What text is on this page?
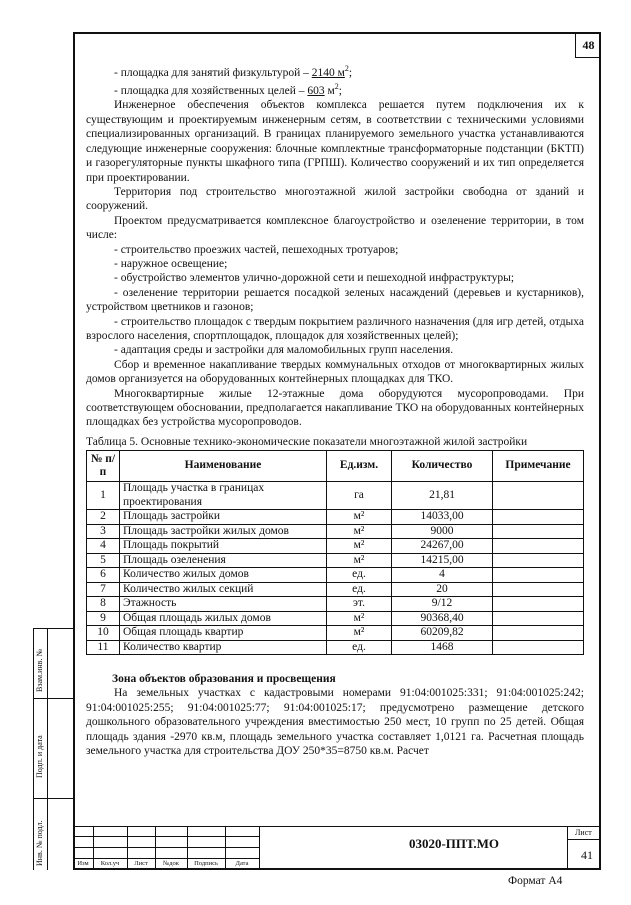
Взам.инв. №
Подп. и дата
Инв. № подл.
48

- площадка для занятий физкультурой – 2140 $м^2$;

- площадка для хозяйственных целей – 603 $м^2$;

Инженерное обеспечения объектов комплекса решается путем подключения их к существующим и проектируемым инженерным сетям, в соответствии с техническими условиями специализированных организаций. В границах планируемого земельного участка устанавливаются следующие инженерные сооружения: блочные комплектные трансформаторные подстанции (БКТП) и газорегуляторные пункты шкафного типа (ГРПШ). Количество сооружений и их тип определяется при проектировании.

Территория под строительство многоэтажной жилой застройки свободна от зданий и сооружений.

Проектом предусматривается комплексное благоустройство и озеленение территории, в том числе:

- строительство проезжих частей, пешеходных тротуаров;

- наружное освещение;

- обустройство элементов улично-дорожной сети и пешеходной инфраструктуры;

- озеленение территории решается посадкой зеленых насаждений (деревьев и кустарников), устройством цветников и газонов;

- строительство площадок с твердым покрытием различного назначения (для игр детей, отдыха взрослого населения, спортплощадок, площадок для хозяйственных целей);

- адаптация среды и застройки для маломобильных групп населения.

Сбор и временное накапливание твердых коммунальных отходов от многоквартирных жилых домов организуется на оборудованных контейнерных площадках для ТКО.

Многоквартирные жилые 12-этажные дома оборудуются мусоропроводами. При соответствующем обосновании, предполагается накапливание ТКО на оборудованных контейнерных площадках без устройства мусоропроводов.

Таблица 5. Основные технико-экономические показатели многоэтажной жилой застройки
№ п/п	Наименование	Ед.изм.	Количество	Примечание
1	Площадь участка в границах проектирования	га	21,81	
2	Площадь застройки	м²	14033,00	
3	Площадь застройки жилых домов	м²	9000	
4	Площадь покрытий	м²	24267,00	
5	Площадь озеленения	м²	14215,00	
6	Количество жилых домов	ед.	4	
7	Количество жилых секций	ед.	20	
8	Этажность	эт.	9/12	
9	Общая площадь жилых домов	м²	90368,40	
10	Общая площадь квартир	м²	60209,82	
11	Количество квартир	ед.	1468	

Зона объектов образования и просвещения

На земельных участках с кадастровыми номерами 91:04:001025:331; 91:04:001025:242; 91:04:001025:255; 91:04:001025:77; 91:04:001025:17; предусмотрено размещение детского дошкольного образовательного учреждения вместимостью 250 мест, 10 групп по 25 детей. Общая площадь здания -2970 кв.м, площадь земельного участка составляет 1,0121 га. Расчетная площадь земельного участка для строительства ДОУ 250*35=8750 кв.м. Расчет

Изм	Кол.уч	Лист	№док	Подпись	Дата
03020-ППТ.МО
Лист
41
Формат А4
